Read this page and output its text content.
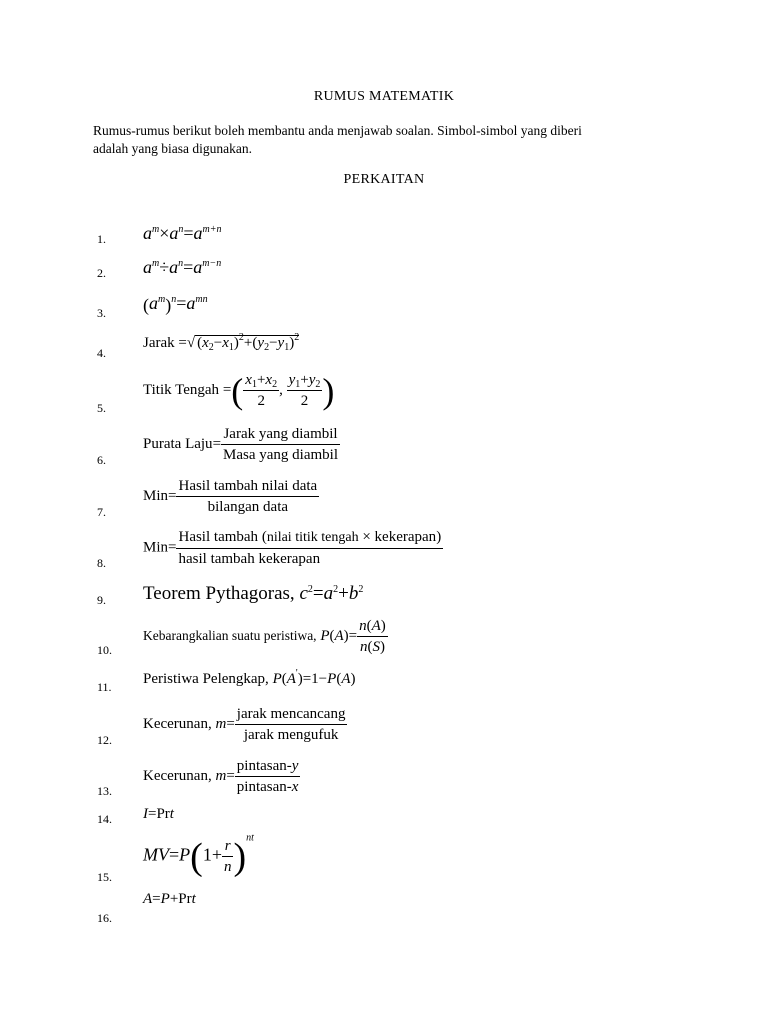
RUMUS MATEMATIK
Rumus-rumus berikut boleh membantu anda menjawab soalan. Simbol-simbol yang diberi
adalah yang biasa digunakan.
PERKAITAN
1.
2.
3.
4.
5.
6.
7.
8.
9.
10.
11.
12.
13.
14.
15.
16.
$a^m\times a^n=a^{m+n}$
$a^m\div a^n=a^{m-n}$
$(a^m)^n=a^{mn}$
Jarak =√ $(x_2-x_1)^2+(y_2-y_1)^2$
Titik Tengah =( $\frac{x_1+x_2}{2}$ , $\frac{y_1+y_2}{2}$ )
Purata Laju= $\frac{\text{Jarak yang diambil}}{\text{Masa yang diambil}}$
$Min= \frac{\text{Hasil tambah nilai data}}{\text{bilangan data}}$
$Min= \frac{\text{Hasil tambah (nilai titik tengah × kekerapan)}}{\text{hasil tambah kekerapan}}$
Teorem Pythagoras, $c^2=a^2+b^2$
Kebarangkalian suatu peristiwa, $P(A)= \frac{n(A)}{n(S)}$
Peristiwa Pelengkap, P(A')=1−P(A)
Kecerunan, $m= \frac{\text{jarak mencancang}}{\text{jarak mengufuk}}$
Kecerunan, $m= \frac{\text{pintasan-y}}{\text{pintasan-x}}$
I=Prt
$MV=P(1+ \frac{r}{n} )^{nt}$
A=P+Prt
